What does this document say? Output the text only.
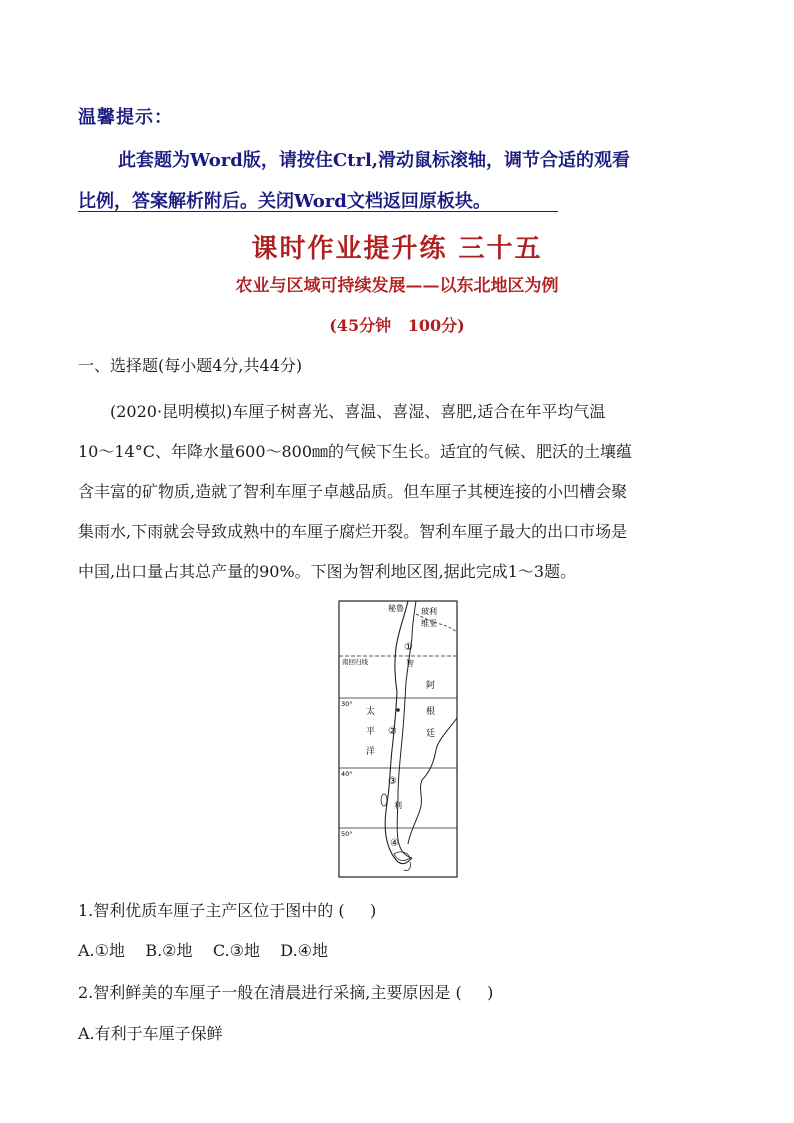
温馨提示：
此套题为Word版，请按住Ctrl,滑动鼠标滚轴，调节合适的观看
比例，答案解析附后。关闭Word文档返回原板块。
课时作业提升练 三十五
农业与区域可持续发展——以东北地区为例
(45分钟   100分)
一、选择题(每小题4分,共44分)

(2020·昆明模拟)车厘子树喜光、喜温、喜湿、喜肥,适合在年平均气温

10～14°C、年降水量600～800㎜的气候下生长。适宜的气候、肥沃的土壤蕴

含丰富的矿物质,造就了智利车厘子卓越品质。但车厘子其梗连接的小凹槽会聚

集雨水,下雨就会导致成熟中的车厘子腐烂开裂。智利车厘子最大的出口市场是

中国,出口量占其总产量的90%。下图为智利地区图,据此完成1～3题。

秘鲁 玻利
维亚
南回归线	智
利
阿
根
廷
太
平
洋
30°
40°
50°
①
②
③
④
1.智利优质车厘子主产区位于图中的 (     )
A.①地    B.②地    C.③地    D.④地
2.智利鲜美的车厘子一般在清晨进行采摘,主要原因是 (     )
A.有利于车厘子保鲜
